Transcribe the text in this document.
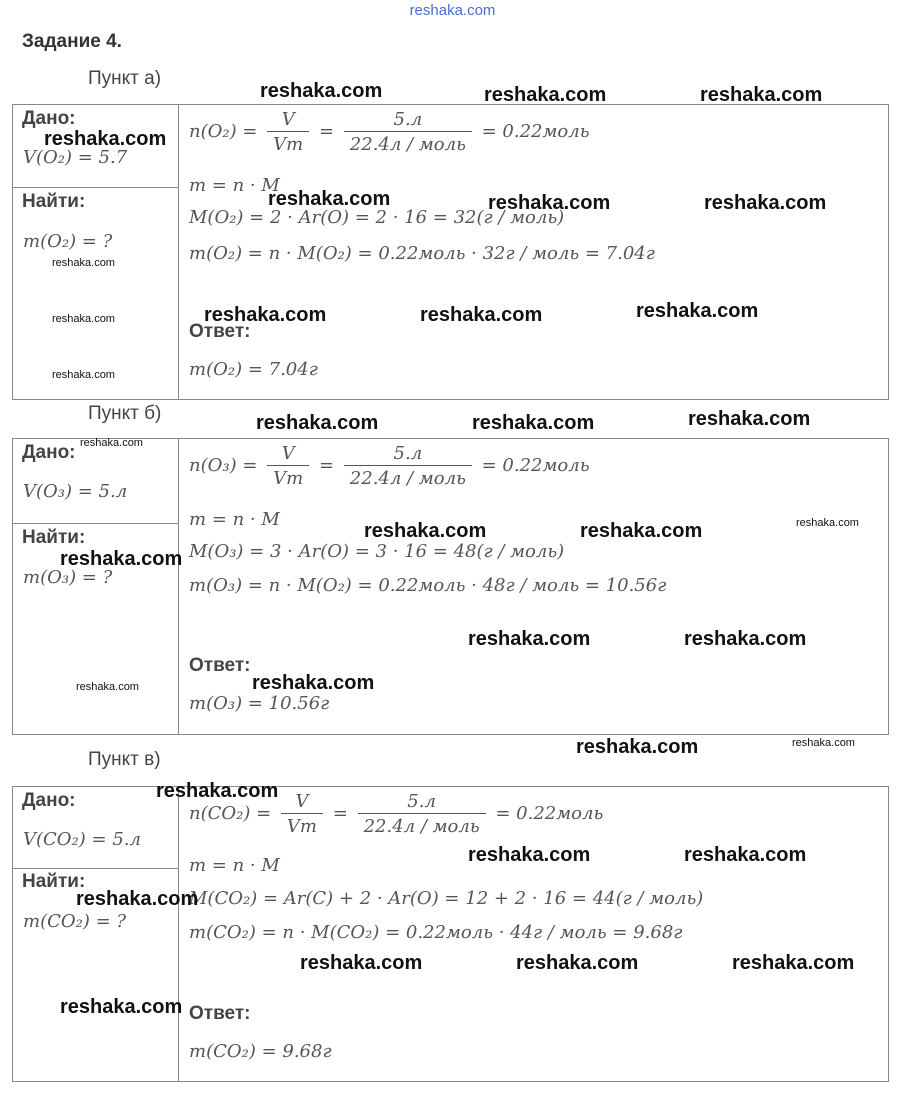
reshaka.com
Задание 4.
Пункт а)
Дано:
V(O₂) = 5.7
Найти:
m(O₂) = ?
$n(O_2) = \frac{V}{Vm} = \frac{5.л}{\text{22.4л / моль}}$ = 0.22моль
m = n · M
M(O₂) = 2 · Ar(O) = 2 · 16 = 32(г / моль)
m(O₂) = n · M(O₂) = 0.22моль · 32г / моль = 7.04г
Ответ:
m(O₂) = 7.04г
Пункт б)
Дано:
V(O₃) = 5.л
Найти:
m(O₃) = ?
$n(O_3) = \frac{V}{Vm} = \frac{5.л}{\text{22.4л / моль}}$ = 0.22моль
m = n · M
M(O₃) = 3 · Ar(O) = 3 · 16 = 48(г / моль)
m(O₃) = n · M(O₂) = 0.22моль · 48г / моль = 10.56г
Ответ:
m(O₃) = 10.56г
Пункт в)
Дано:
V(CO₂) = 5.л
Найти:
m(CO₂) = ?
$n(CO_2) = \frac{V}{Vm} = \frac{5.л}{\text{22.4л / моль}}$ = 0.22моль
m = n · M
M(CO₂) = Ar(C) + 2 · Ar(O) = 12 + 2 · 16 = 44(г / моль)
m(CO₂) = n · M(CO₂) = 0.22моль · 44г / моль = 9.68г
Ответ:
m(CO₂) = 9.68г
reshaka.com	reshaka.com	reshaka.com
reshaka.com
reshaka.com	reshaka.com	reshaka.com
reshaka.com
reshaka.com	reshaka.com	reshaka.com
reshaka.com
reshaka.com
reshaka.com	reshaka.com	reshaka.com
reshaka.com
reshaka.com	reshaka.com	reshaka.com
reshaka.com
reshaka.com	reshaka.com
reshaka.com
reshaka.com
reshaka.com	reshaka.com
reshaka.com
reshaka.com	reshaka.com
reshaka.com
reshaka.com	reshaka.com	reshaka.com
reshaka.com
